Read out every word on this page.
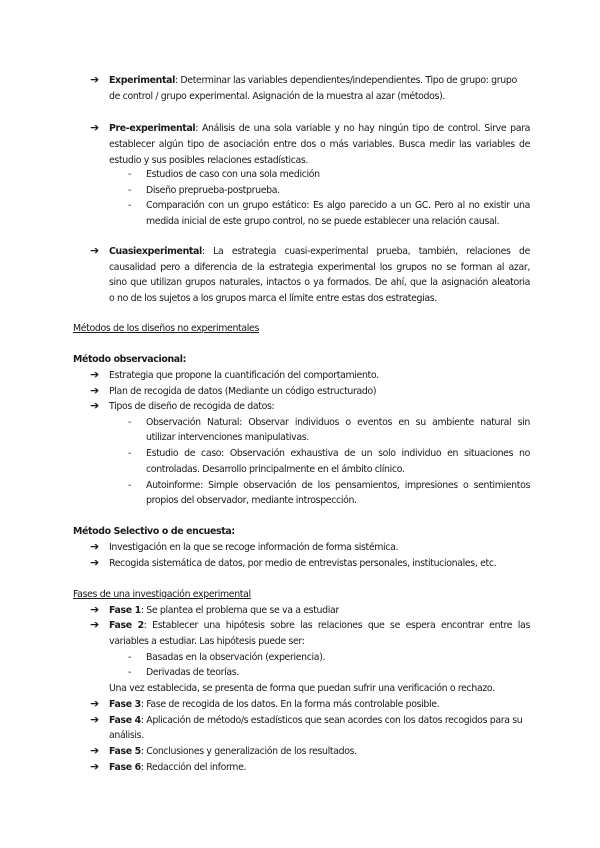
➔ Experimental: Determinar las variables dependientes/independientes. Tipo de grupo: grupo
de control / grupo experimental. Asignación de la muestra al azar (métodos).
➔ Pre-experimental: Análisis de una sola variable y no hay ningún tipo de control. Sirve para
establecer algún tipo de asociación entre dos o más variables. Busca medir las variables de
estudio y sus posibles relaciones estadísticas.
- Estudios de caso con una sola medición
- Diseño preprueba-postprueba.
- Comparación con un grupo estático: Es algo parecido a un GC. Pero al no existir una
medida inicial de este grupo control, no se puede establecer una relación causal.
➔ Cuasiexperimental: La estrategia cuasi-experimental prueba, también, relaciones de
causalidad pero a diferencia de la estrategia experimental los grupos no se forman al azar,
sino que utilizan grupos naturales, intactos o ya formados. De ahí, que la asignación aleatoria
o no de los sujetos a los grupos marca el límite entre estas dos estrategias.
Métodos de los diseños no experimentales
Método observacional:
➔ Estrategia que propone la cuantificación del comportamiento.
➔ Plan de recogida de datos (Mediante un código estructurado)
➔ Tipos de diseño de recogida de datos:
- Observación Natural: Observar individuos o eventos en su ambiente natural sin
utilizar intervenciones manipulativas.
- Estudio de caso: Observación exhaustiva de un solo individuo en situaciones no
controladas. Desarrollo principalmente en el ámbito clínico.
- Autoinforme: Simple observación de los pensamientos, impresiones o sentimientos
propios del observador, mediante introspección.
Método Selectivo o de encuesta:
➔ Investigación en la que se recoge información de forma sistémica.
➔ Recogida sistemática de datos, por medio de entrevistas personales, institucionales, etc.
Fases de una investigación experimental
➔ Fase 1: Se plantea el problema que se va a estudiar
➔ Fase 2: Establecer una hipótesis sobre las relaciones que se espera encontrar entre las
variables a estudiar. Las hipótesis puede ser:
- Basadas en la observación (experiencia).
- Derivadas de teorías.
Una vez establecida, se presenta de forma que puedan sufrir una verificación o rechazo.
➔ Fase 3: Fase de recogida de los datos. En la forma más controlable posible.
➔ Fase 4: Aplicación de método/s estadísticos que sean acordes con los datos recogidos para su
análisis.
➔ Fase 5: Conclusiones y generalización de los resultados.
➔ Fase 6: Redacción del informe.
